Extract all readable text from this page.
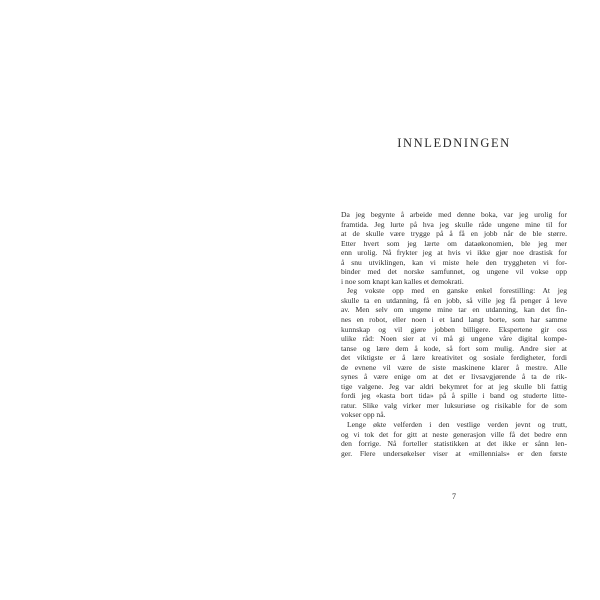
INNLEDNINGEN
Da jeg begynte å arbeide med denne boka, var jeg urolig for
framtida. Jeg lurte på hva jeg skulle råde ungene mine til for
at de skulle være trygge på å få en jobb når de ble større.
Etter hvert som jeg lærte om dataøkonomien, ble jeg mer
enn urolig. Nå frykter jeg at hvis vi ikke gjør noe drastisk for
å snu utviklingen, kan vi miste hele den tryggheten vi for-
binder med det norske samfunnet, og ungene vil vokse opp
i noe som knapt kan kalles et demokrati.
Jeg vokste opp med en ganske enkel forestilling: At jeg
skulle ta en utdanning, få en jobb, så ville jeg få penger å leve
av. Men selv om ungene mine tar en utdanning, kan det fin-
nes en robot, eller noen i et land langt borte, som har samme
kunnskap og vil gjøre jobben billigere. Ekspertene gir oss
ulike råd: Noen sier at vi må gi ungene våre digital kompe-
tanse og lære dem å kode, så fort som mulig. Andre sier at
det viktigste er å lære kreativitet og sosiale ferdigheter, fordi
de evnene vil være de siste maskinene klarer å mestre. Alle
synes å være enige om at det er livsavgjørende å ta de rik-
tige valgene. Jeg var aldri bekymret for at jeg skulle bli fattig
fordi jeg «kasta bort tida» på å spille i band og studerte litte-
ratur. Slike valg virker mer luksuriøse og risikable for de som
vokser opp nå.
Lenge økte velferden i den vestlige verden jevnt og trutt,
og vi tok det for gitt at neste generasjon ville få det bedre enn
den forrige. Nå forteller statistikken at det ikke er sånn len-
ger. Flere undersøkelser viser at «millennials» er den første
7
